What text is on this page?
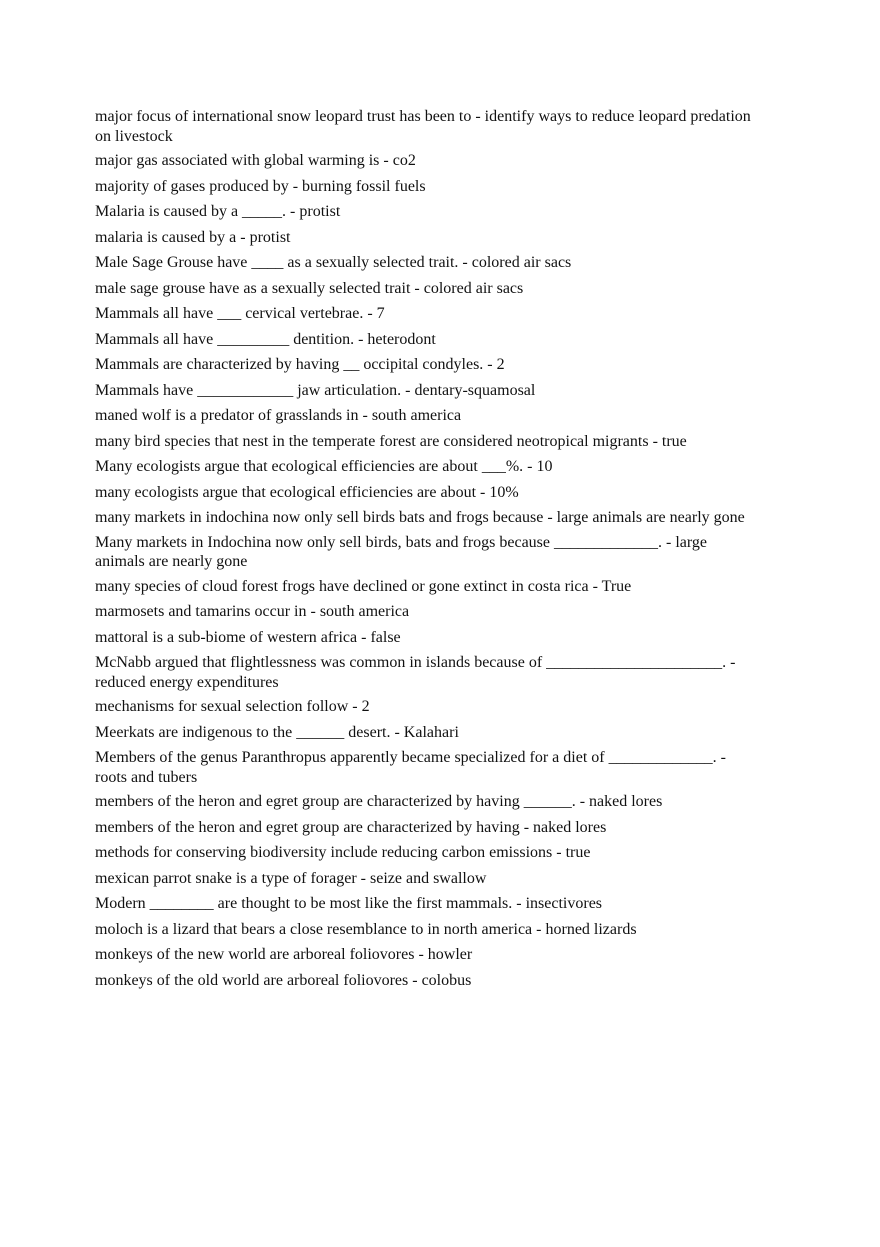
major focus of international snow leopard trust has been to - identify ways to reduce leopard predation on livestock
major gas associated with global warming is - co2
majority of gases produced by - burning fossil fuels
Malaria is caused by a _____. - protist
malaria is caused by a - protist
Male Sage Grouse have ____ as a sexually selected trait. - colored air sacs
male sage grouse have as a sexually selected trait - colored air sacs
Mammals all have ___ cervical vertebrae. - 7
Mammals all have _________ dentition. - heterodont
Mammals are characterized by having __ occipital condyles. - 2
Mammals have ____________ jaw articulation. - dentary-squamosal
maned wolf is a predator of grasslands in - south america
many bird species that nest in the temperate forest are considered neotropical migrants - true
Many ecologists argue that ecological efficiencies are about ___%. - 10
many ecologists argue that ecological efficiencies are about - 10%
many markets in indochina now only sell birds bats and frogs because - large animals are nearly gone
Many markets in Indochina now only sell birds, bats and frogs because _____________. - large animals are nearly gone
many species of cloud forest frogs have declined or gone extinct in costa rica - True
marmosets and tamarins occur in - south america
mattoral is a sub-biome of western africa - false
McNabb argued that flightlessness was common in islands because of ______________________. - reduced energy expenditures
mechanisms for sexual selection follow - 2
Meerkats are indigenous to the ______ desert. - Kalahari
Members of the genus Paranthropus apparently became specialized for a diet of _____________. - roots and tubers
members of the heron and egret group are characterized by having ______. - naked lores
members of the heron and egret group are characterized by having - naked lores
methods for conserving biodiversity include reducing carbon emissions - true
mexican parrot snake is a type of forager - seize and swallow
Modern ________ are thought to be most like the first mammals. - insectivores
moloch is a lizard that bears a close resemblance to in north america - horned lizards
monkeys of the new world are arboreal foliovores - howler
monkeys of the old world are arboreal foliovores - colobus
